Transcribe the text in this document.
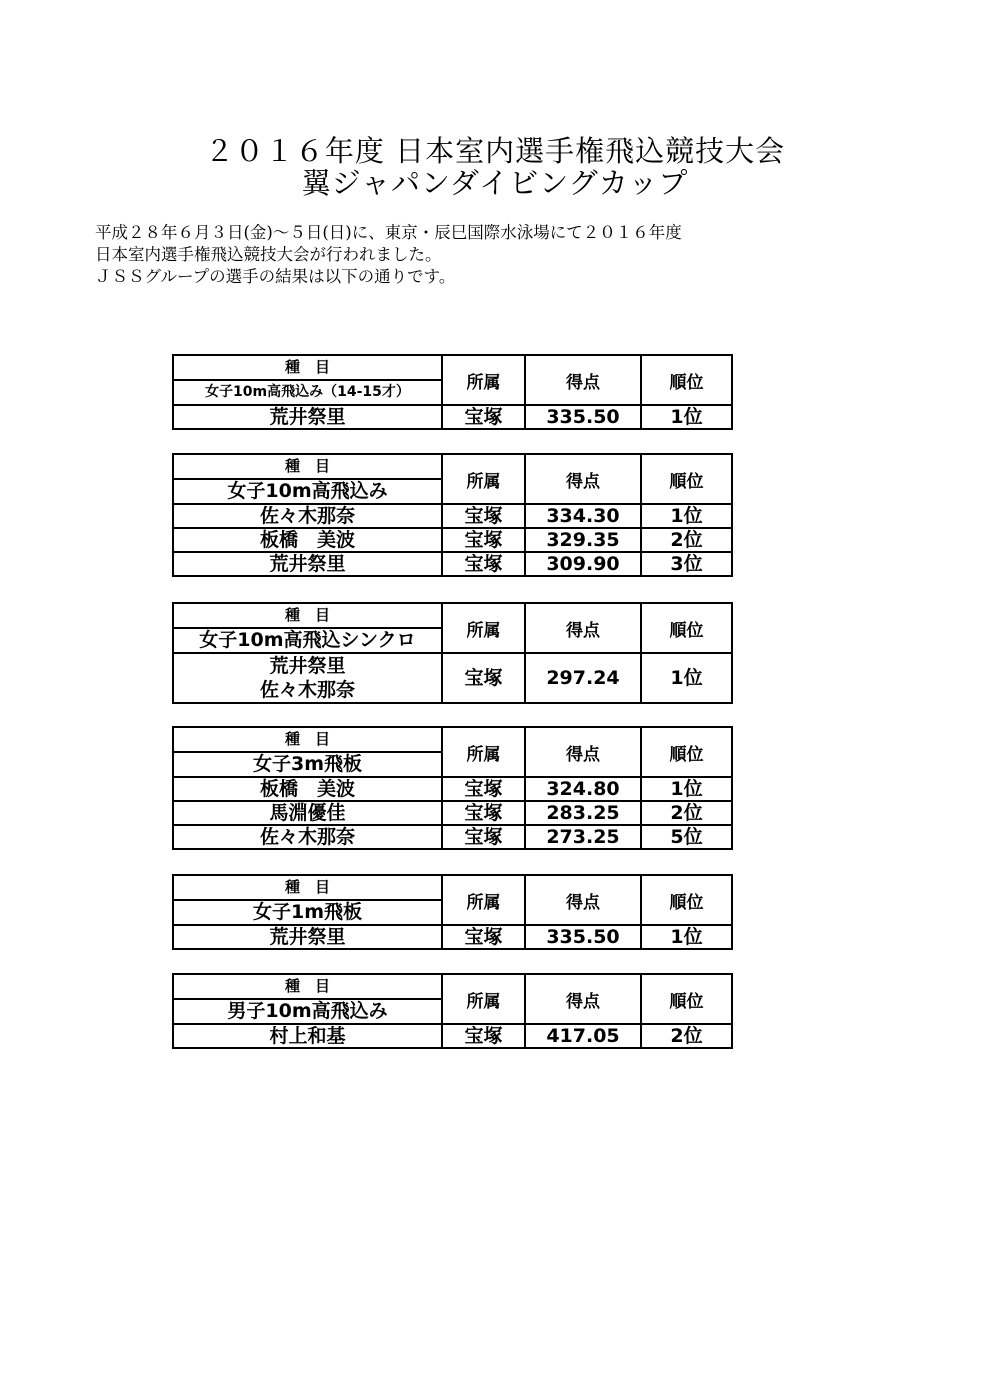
２０１６年度 日本室内選手権飛込競技大会
翼ジャパンダイビングカップ
平成２８年６月３日(金)～５日(日)に、東京・辰巳国際水泳場にて２０１６年度
日本室内選手権飛込競技大会が行われました。
ＪＳＳグループの選手の結果は以下の通りです。
種　目	所属	得点	順位
女子10m高飛込み（14-15才）			
荒井祭里	宝塚	335.50	1位
種　目	所属	得点	順位
女子10m高飛込み			
佐々木那奈	宝塚	334.30	1位
板橋　美波	宝塚	329.35	2位
荒井祭里	宝塚	309.90	3位
種　目	所属	得点	順位
女子10m高飛込シンクロ			

荒井祭里
佐々木那奈	宝塚	297.24	1位
種　目	所属	得点	順位
女子3m飛板			
板橋　美波	宝塚	324.80	1位
馬淵優佳	宝塚	283.25	2位
佐々木那奈	宝塚	273.25	5位
種　目	所属	得点	順位
女子1m飛板			
荒井祭里	宝塚	335.50	1位
種　目	所属	得点	順位
男子10m高飛込み			
村上和基	宝塚	417.05	2位
